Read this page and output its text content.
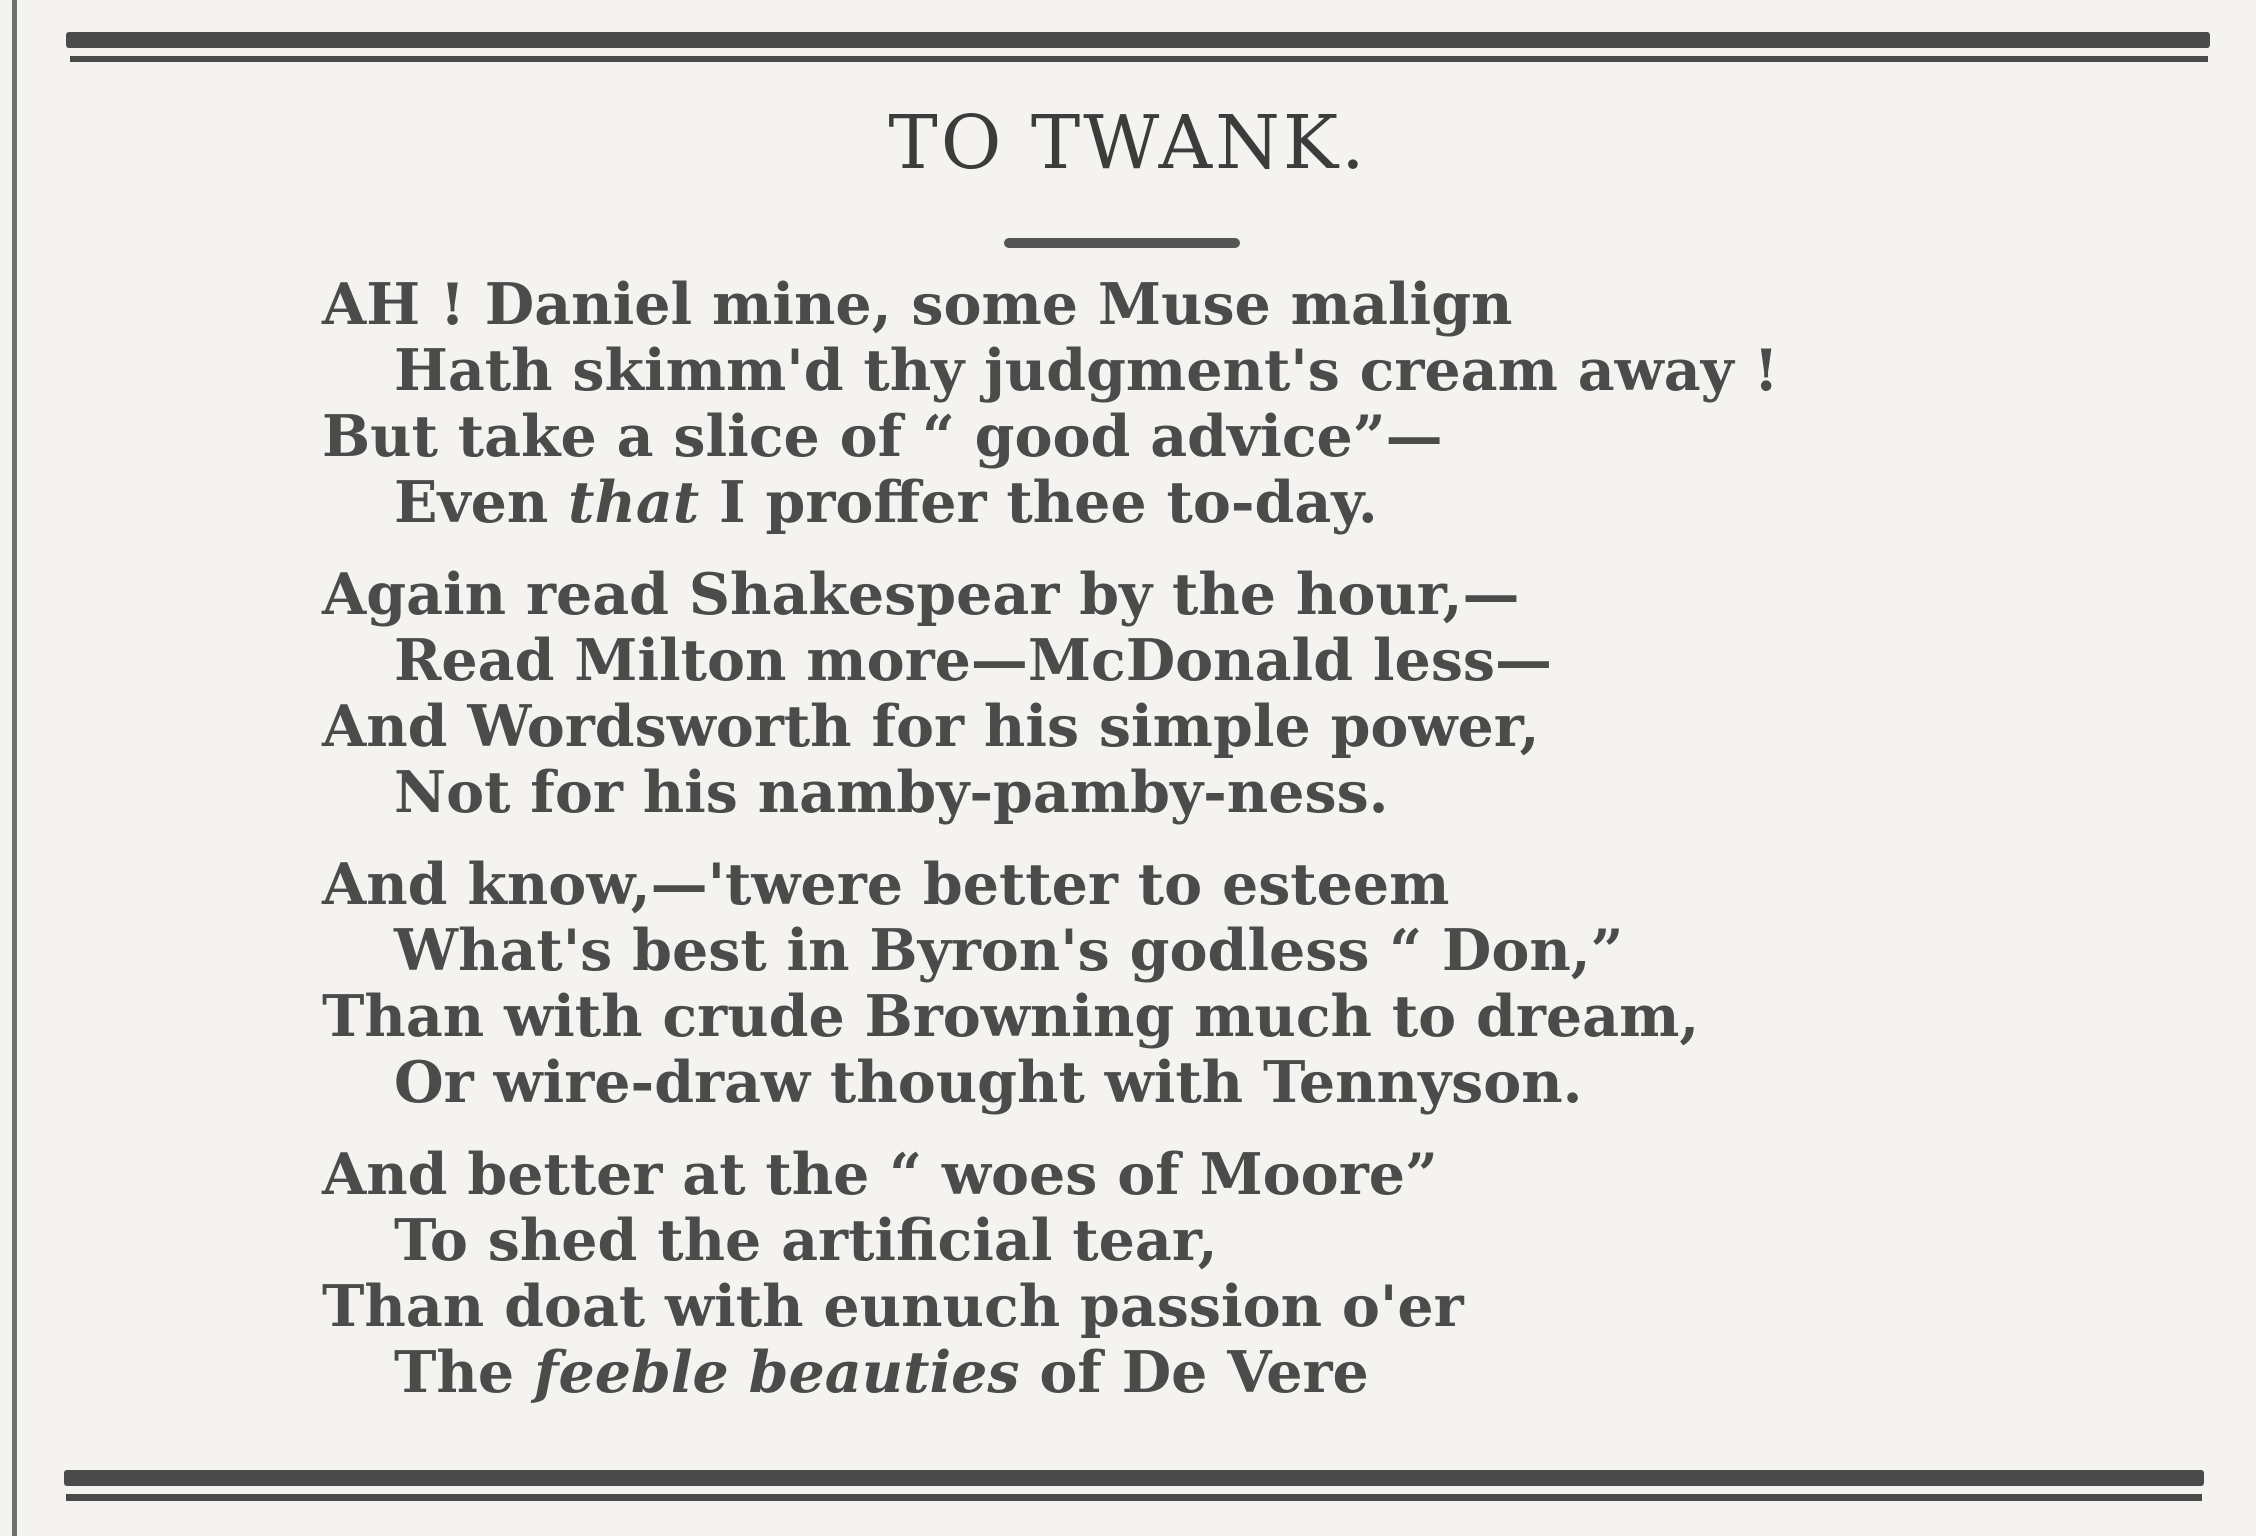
TO TWANK.
AH ! Daniel mine, some Muse malign
Hath skimm'd thy judgment's cream away !
But take a slice of “ good advice”—
Even that I proffer thee to-day.
Again read Shakespear by the hour,—
Read Milton more—McDonald less—
And Wordsworth for his simple power,
Not for his namby-pamby-ness.
And know,—'twere better to esteem
What's best in Byron's godless “ Don,”
Than with crude Browning much to dream,
Or wire-draw thought with Tennyson.
And better at the “ woes of Moore”
To shed the artificial tear,
Than doat with eunuch passion o'er
The feeble beauties of De Vere
